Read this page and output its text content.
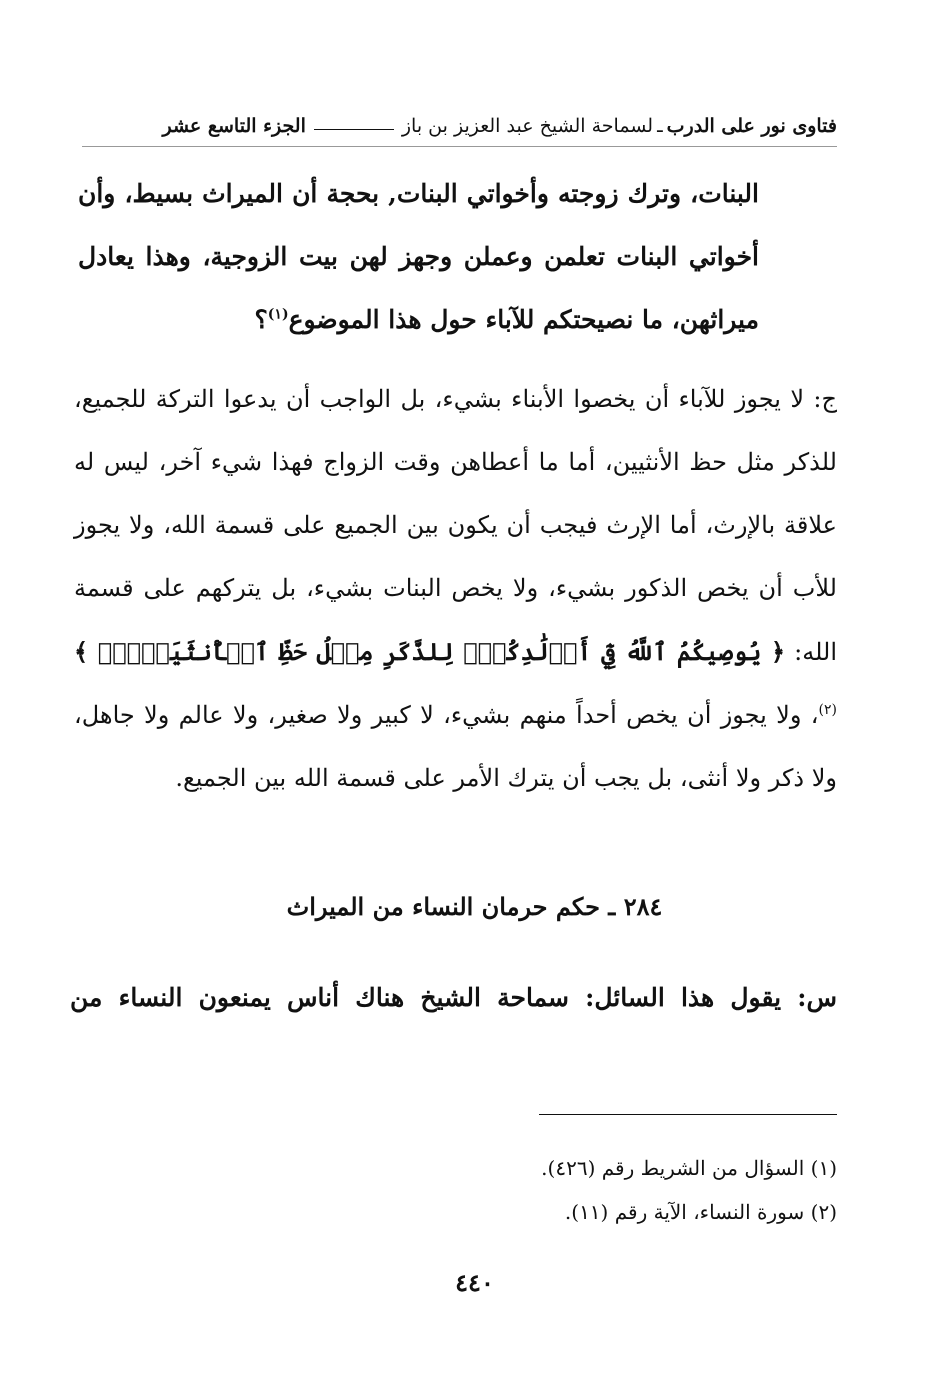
فتاوى نور على الدرب
ـ
لسماحة الشيخ عبد العزيز بن باز
الجزء التاسع عشر
البنات، وترك زوجته وأخواتي البنات, بحجة أن الميراث بسيط، وأن أخواتي البنات تعلمن وعملن وجهز لهن بيت الزوجية، وهذا يعادل ميراثهن، ما نصيحتكم للآباء حول هذا الموضوع$^{(١)}$؟
ج: لا يجوز للآباء أن يخصوا الأبناء بشيء، بل الواجب أن يدعوا التركة للجميع، للذكر مثل حظ الأنثيين، أما ما أعطاهن وقت الزواج فهذا شيء آخر، ليس له علاقة بالإرث، أما الإرث فيجب أن يكون بين الجميع على قسمة الله، ولا يجوز للأب أن يخص الذكور بشيء، ولا يخص البنات بشيء، بل يتركهم على قسمة الله: ﴿ يُوصِيكُمُ ٱللَّهُ فِيٓ أَوۡلَٰدِكُمۡۖ لِلذَّكَرِ مِثۡلُ حَظِّ ٱلۡأُنثَيَيۡنِۚ ﴾$^{(٢)}$، ولا يجوز أن يخص أحداً منهم بشيء، لا كبير ولا صغير، ولا عالم ولا جاهل، ولا ذكر ولا أنثى، بل يجب أن يترك الأمر على قسمة الله بين الجميع.
٢٨٤ ـ حكم حرمان النساء من الميراث
س: يقول هذا السائل: سماحة الشيخ هناك أناس يمنعون النساء من
(١) السؤال من الشريط رقم (٤٢٦).
(٢) سورة النساء، الآية رقم (١١).
٤٤٠
